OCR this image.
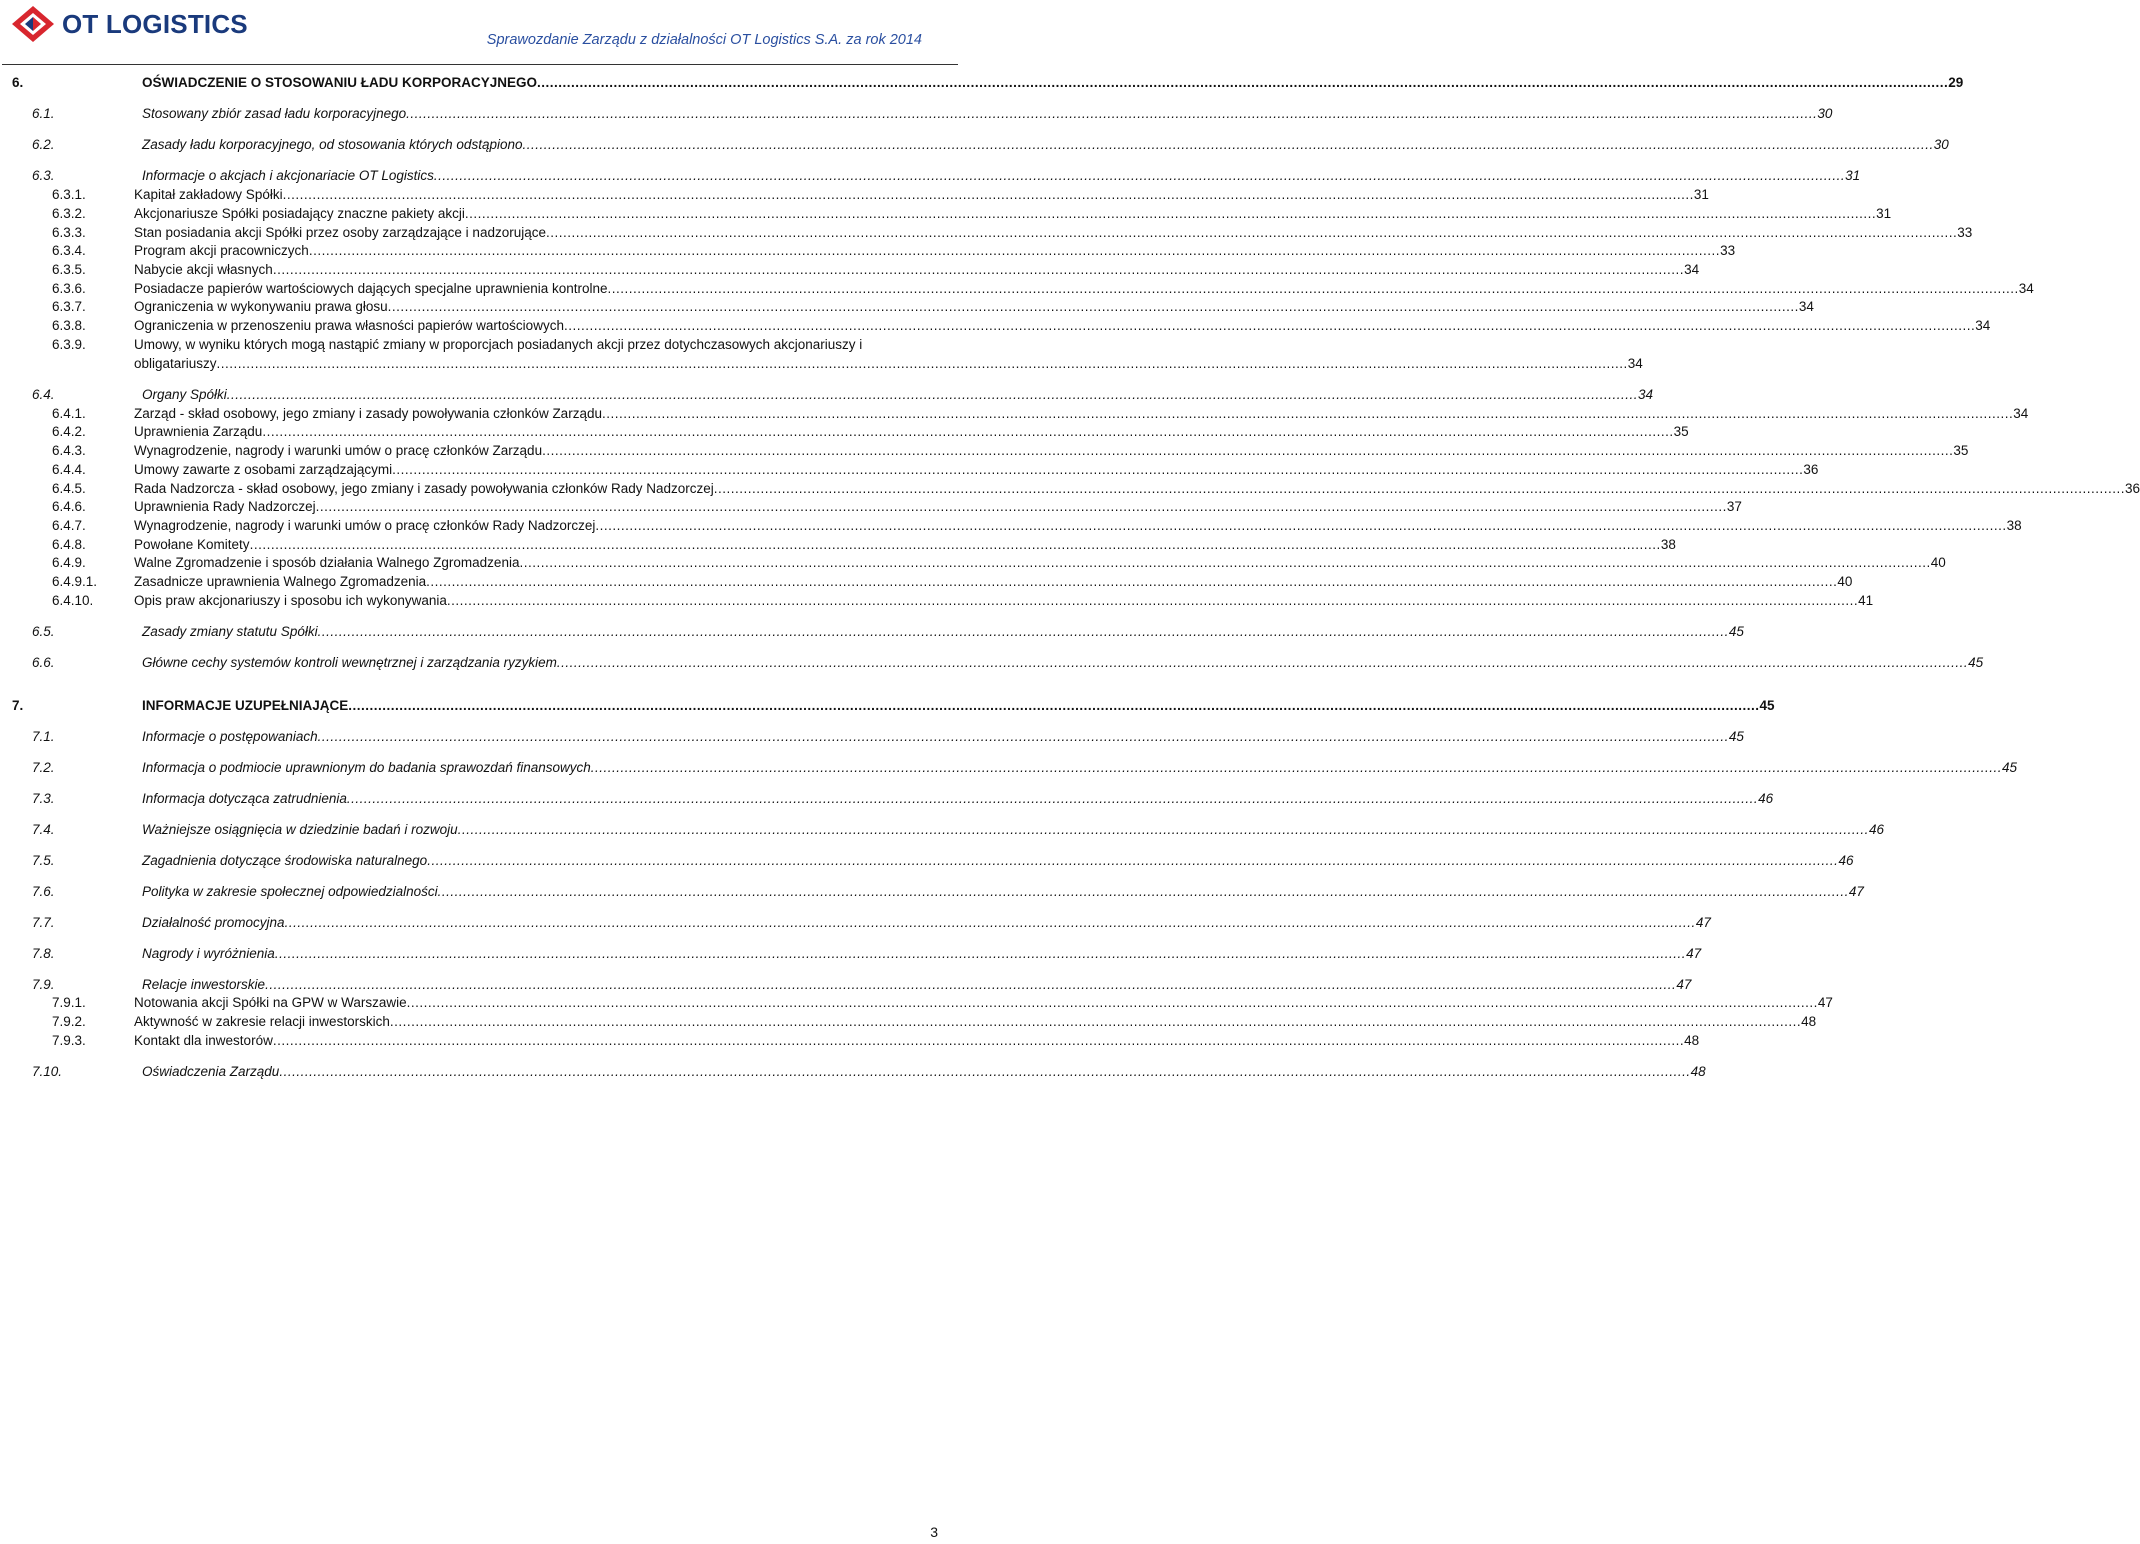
OT LOGISTICS
Sprawozdanie Zarządu z działalności OT Logistics S.A. za rok 2014
6.	OŚWIADCZENIE O STOSOWANIU ŁADU KORPORACYJNEGO .....	29
6.1.	Stosowany zbiór zasad ładu korporacyjnego .....	30
6.2.	Zasady ładu korporacyjnego, od stosowania których odstąpiono .....	30
6.3.	Informacje o akcjach i akcjonariacie OT Logistics .....	31
6.3.1.	Kapitał zakładowy Spółki .....	31
6.3.2.	Akcjonariusze Spółki posiadający znaczne pakiety akcji .....	31
6.3.3.	Stan posiadania akcji Spółki przez osoby zarządzające i nadzorujące .....	33
6.3.4.	Program akcji pracowniczych .....	33
6.3.5.	Nabycie akcji własnych .....	34
6.3.6.	Posiadacze papierów wartościowych dających specjalne uprawnienia kontrolne .....	34
6.3.7.	Ograniczenia w wykonywaniu prawa głosu .....	34
6.3.8.	Ograniczenia w przenoszeniu prawa własności papierów wartościowych .....	34
6.3.9.	Umowy, w wyniku których mogą nastąpić zmiany w proporcjach posiadanych akcji przez dotychczasowych akcjonariuszy i
obligatariuszy .....	34
6.4.	Organy Spółki .....	34
6.4.1.	Zarząd - skład osobowy, jego zmiany i zasady powoływania członków Zarządu .....	34
6.4.2.	Uprawnienia Zarządu .....	35
6.4.3.	Wynagrodzenie, nagrody i warunki umów o pracę członków Zarządu .....	35
6.4.4.	Umowy zawarte z osobami zarządzającymi .....	36
6.4.5.	Rada Nadzorcza - skład osobowy, jego zmiany i zasady powoływania członków Rady Nadzorczej .....	36
6.4.6.	Uprawnienia Rady Nadzorczej .....	37
6.4.7.	Wynagrodzenie, nagrody i warunki umów o pracę członków Rady Nadzorczej .....	38
6.4.8.	Powołane Komitety .....	38
6.4.9.	Walne Zgromadzenie i sposób działania Walnego Zgromadzenia .....	40
6.4.9.1.	Zasadnicze uprawnienia Walnego Zgromadzenia .....	40
6.4.10.	Opis praw akcjonariuszy i sposobu ich wykonywania .....	41
6.5.	Zasady zmiany statutu Spółki .....	45
6.6.	Główne cechy systemów kontroli wewnętrznej i zarządzania ryzykiem .....	45
7.	INFORMACJE UZUPEŁNIAJĄCE .....	45
7.1.	Informacje o postępowaniach .....	45
7.2.	Informacja o podmiocie uprawnionym do badania sprawozdań finansowych .....	45
7.3.	Informacja dotycząca zatrudnienia .....	46
7.4.	Ważniejsze osiągnięcia w dziedzinie badań i rozwoju .....	46
7.5.	Zagadnienia dotyczące środowiska naturalnego .....	46
7.6.	Polityka w zakresie społecznej odpowiedzialności .....	47
7.7.	Działalność promocyjna .....	47
7.8.	Nagrody i wyróżnienia .....	47
7.9.	Relacje inwestorskie .....	47
7.9.1.	Notowania akcji Spółki na GPW w Warszawie .....	47
7.9.2.	Aktywność w zakresie relacji inwestorskich .....	48
7.9.3.	Kontakt dla inwestorów .....	48
7.10.	Oświadczenia Zarządu .....	48
3
